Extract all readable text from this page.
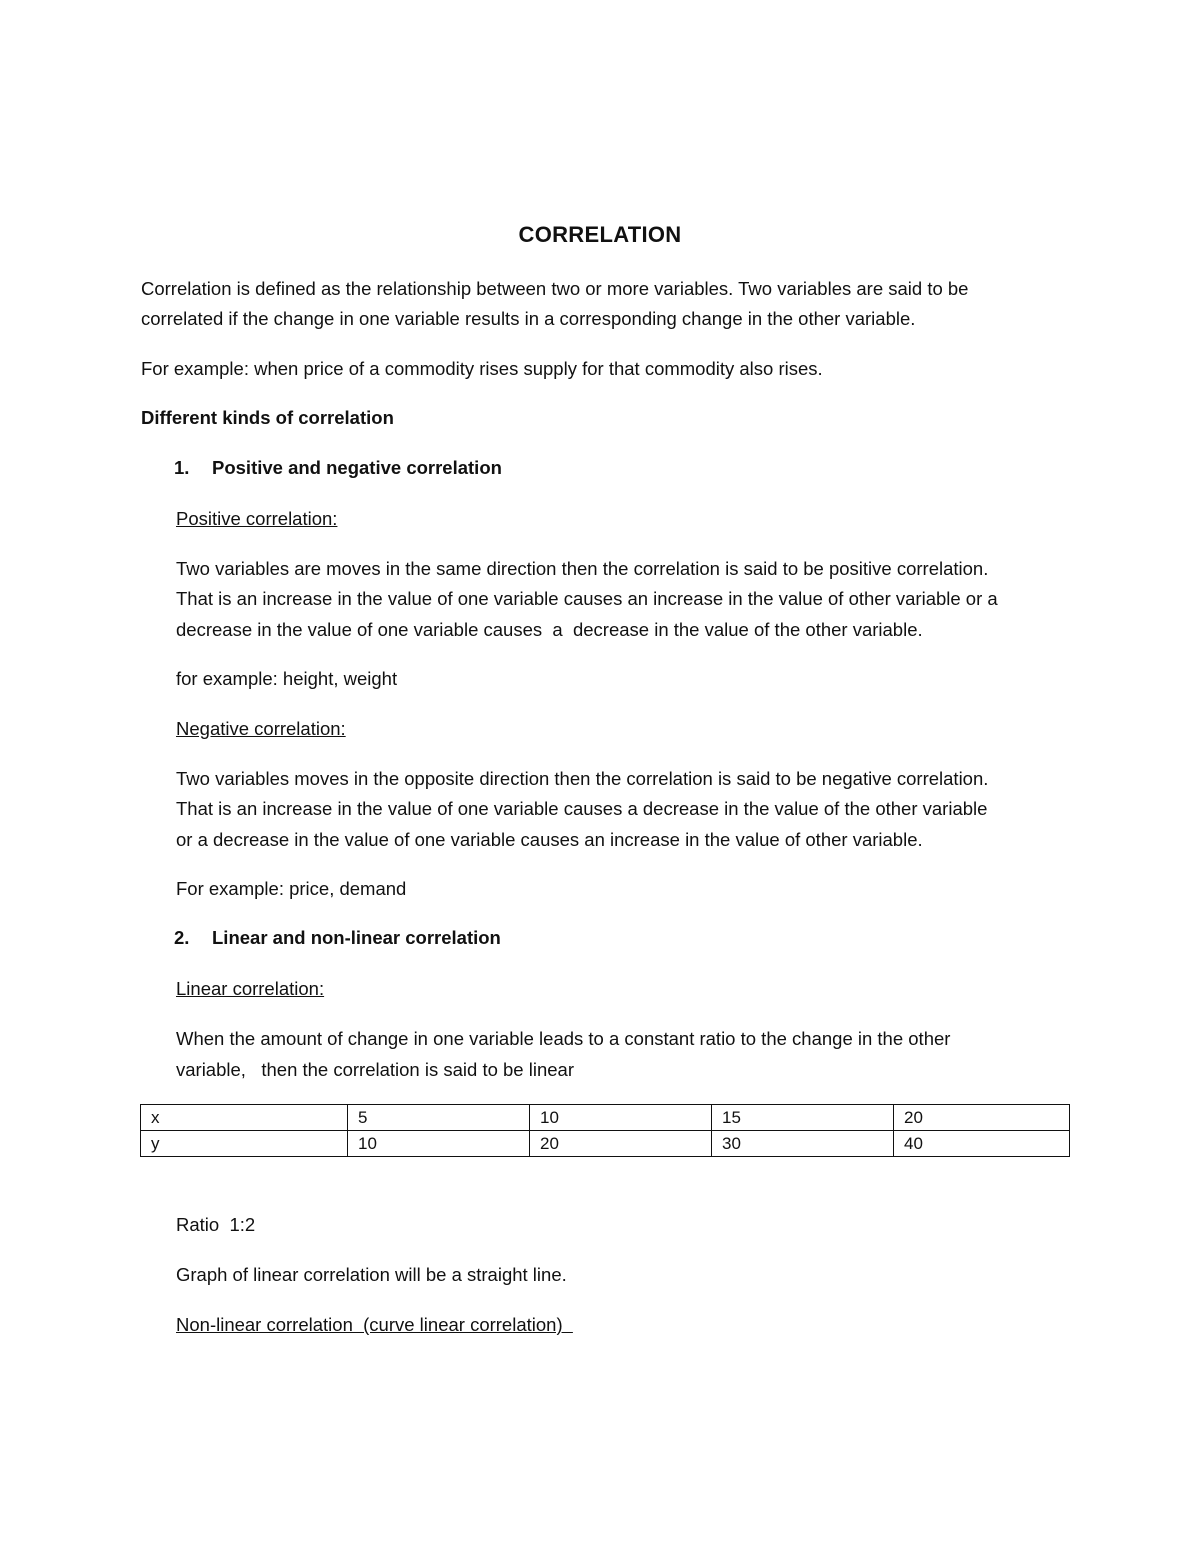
CORRELATION

Correlation is defined as the relationship between two or more variables. Two variables are said to be

correlated if the change in one variable results in a corresponding change in the other variable.

For example: when price of a commodity rises supply for that commodity also rises.

Different kinds of correlation

1. Positive and negative correlation

Positive correlation:

Two variables are moves in the same direction then the correlation is said to be positive correlation.

That is an increase in the value of one variable causes an increase in the value of other variable or a

decrease in the value of one variable causes  a  decrease in the value of the other variable.

for example: height, weight

Negative correlation:

Two variables moves in the opposite direction then the correlation is said to be negative correlation.

That is an increase in the value of one variable causes a decrease in the value of the other variable

or a decrease in the value of one variable causes an increase in the value of other variable.

For example: price, demand

2. Linear and non-linear correlation

Linear correlation:

When the amount of change in one variable leads to a constant ratio to the change in the other

variable,   then the correlation is said to be linear

x	5	10	15	20
y	10	20	30	40

Ratio  1:2

Graph of linear correlation will be a straight line.

Non-linear correlation  (curve linear correlation)
